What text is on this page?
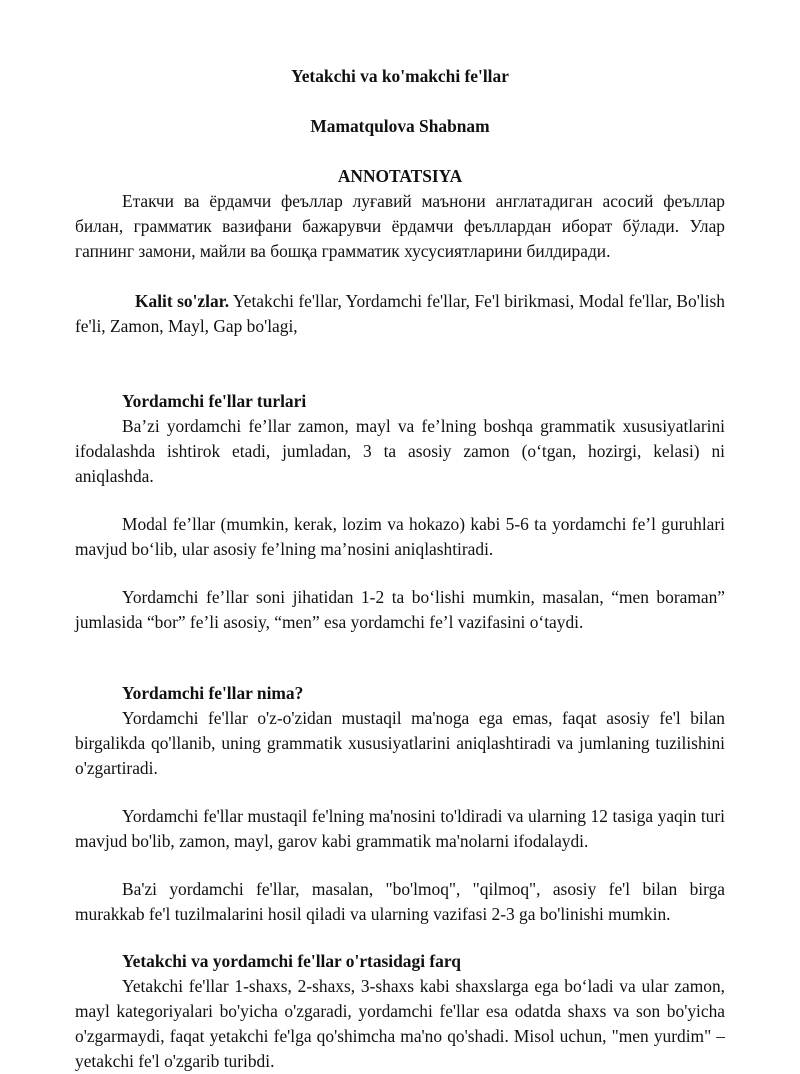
Yetakchi va ko'makchi fe'llar
Mamatqulova Shabnam
ANNOTATSIYA

Етакчи ва ёрдамчи феъллар луғавий маънони англатадиган асосий феъллар билан, грамматик вазифани бажарувчи ёрдамчи феъллардан иборат бўлади. Улар гапнинг замони, майли ва бошқа грамматик хусусиятларини билдиради.

Kalit so'zlar. Yetakchi fe'llar, Yordamchi fe'llar, Fe'l birikmasi, Modal fe'llar, Bo'lish fe'li, Zamon, Mayl, Gap bo'lagi,

Yordamchi fe'llar turlari

Ba’zi yordamchi fe’llar zamon, mayl va fe’lning boshqa grammatik xususiyatlarini ifodalashda ishtirok etadi, jumladan, 3 ta asosiy zamon (o‘tgan, hozirgi, kelasi) ni aniqlashda.

Modal fe’llar (mumkin, kerak, lozim va hokazo) kabi 5-6 ta yordamchi fe’l guruhlari mavjud bo‘lib, ular asosiy fe’lning ma’nosini aniqlashtiradi.

Yordamchi fe’llar soni jihatidan 1-2 ta bo‘lishi mumkin, masalan, “men boraman” jumlasida “bor” fe’li asosiy, “men” esa yordamchi fe’l vazifasini o‘taydi.

Yordamchi fe'llar nima?

Yordamchi fe'llar o'z-o'zidan mustaqil ma'noga ega emas, faqat asosiy fe'l bilan birgalikda qo'llanib, uning grammatik xususiyatlarini aniqlashtiradi va jumlaning tuzilishini o'zgartiradi.

Yordamchi fe'llar mustaqil fe'lning ma'nosini to'ldiradi va ularning 12 tasiga yaqin turi mavjud bo'lib, zamon, mayl, garov kabi grammatik ma'nolarni ifodalaydi.

Ba'zi yordamchi fe'llar, masalan, "bo'lmoq", "qilmoq", asosiy fe'l bilan birga murakkab fe'l tuzilmalarini hosil qiladi va ularning vazifasi 2-3 ga bo'linishi mumkin.

Yetakchi va yordamchi fe'llar o'rtasidagi farq

Yetakchi fe'llar 1-shaxs, 2-shaxs, 3-shaxs kabi shaxslarga ega bo‘ladi va ular zamon, mayl kategoriyalari bo'yicha o'zgaradi, yordamchi fe'llar esa odatda shaxs va son bo'yicha o'zgarmaydi, faqat yetakchi fe'lga qo'shimcha ma'no qo'shadi. Misol uchun, "men yurdim" – yetakchi fe'l o'zgarib turibdi.
